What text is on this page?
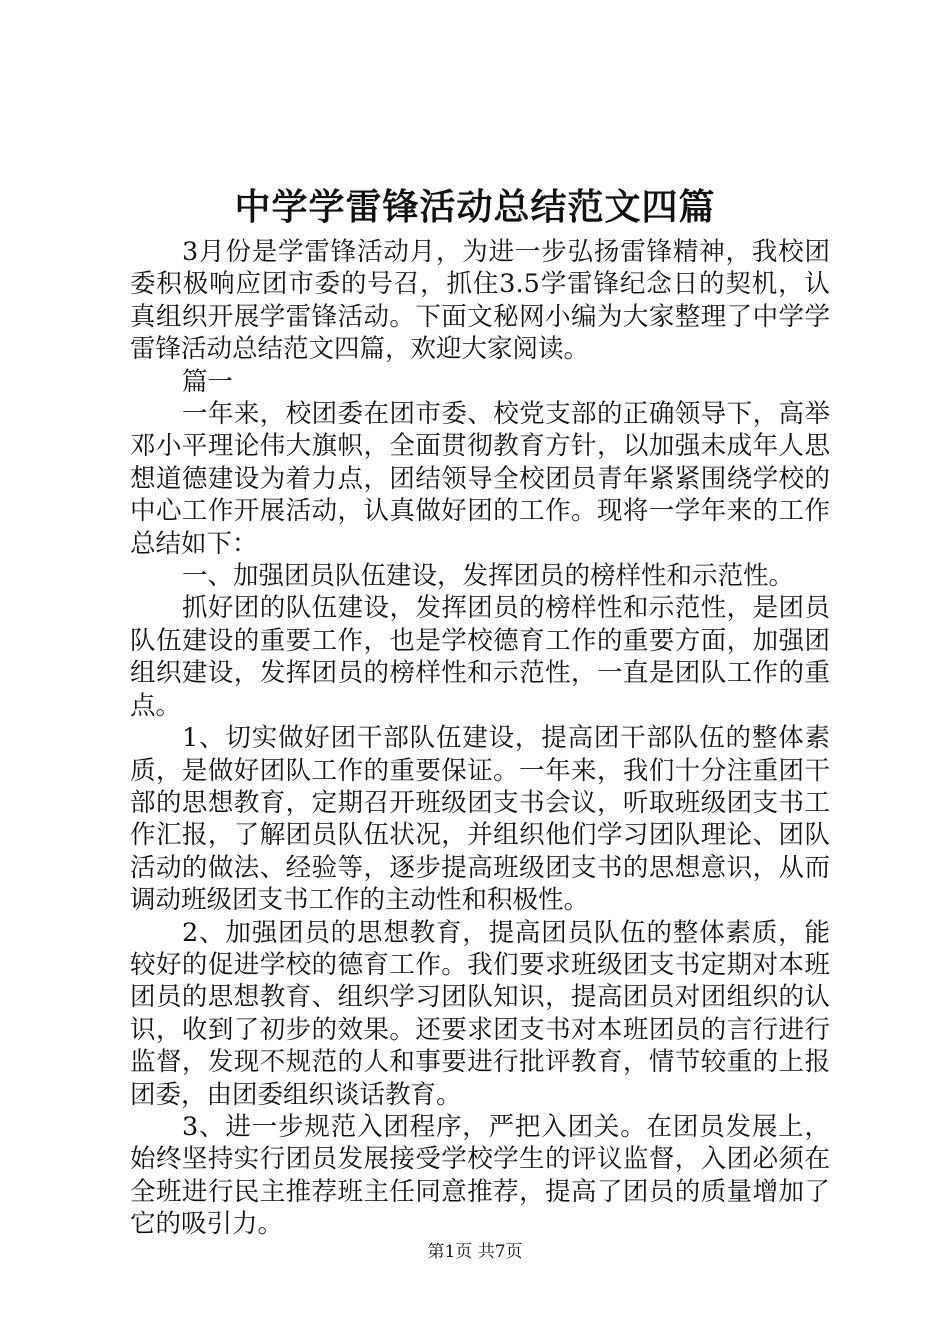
中学学雷锋活动总结范文四篇

3月份是学雷锋活动月，为进一步弘扬雷锋精神，我校团委积极响应团市委的号召，抓住3.5学雷锋纪念日的契机，认真组织开展学雷锋活动。下面文秘网小编为大家整理了中学学雷锋活动总结范文四篇，欢迎大家阅读。

篇一

一年来，校团委在团市委、校党支部的正确领导下，高举邓小平理论伟大旗帜，全面贯彻教育方针，以加强未成年人思想道德建设为着力点，团结领导全校团员青年紧紧围绕学校的中心工作开展活动，认真做好团的工作。现将一学年来的工作总结如下：

一、加强团员队伍建设，发挥团员的榜样性和示范性。

抓好团的队伍建设，发挥团员的榜样性和示范性，是团员队伍建设的重要工作，也是学校德育工作的重要方面，加强团组织建设，发挥团员的榜样性和示范性，一直是团队工作的重点。

1、切实做好团干部队伍建设，提高团干部队伍的整体素质，是做好团队工作的重要保证。一年来，我们十分注重团干部的思想教育，定期召开班级团支书会议，听取班级团支书工作汇报，了解团员队伍状况，并组织他们学习团队理论、团队活动的做法、经验等，逐步提高班级团支书的思想意识，从而调动班级团支书工作的主动性和积极性。

2、加强团员的思想教育，提高团员队伍的整体素质，能较好的促进学校的德育工作。我们要求班级团支书定期对本班团员的思想教育、组织学习团队知识，提高团员对团组织的认识，收到了初步的效果。还要求团支书对本班团员的言行进行监督，发现不规范的人和事要进行批评教育，情节较重的上报团委，由团委组织谈话教育。

3、进一步规范入团程序，严把入团关。在团员发展上，始终坚持实行团员发展接受学校学生的评议监督，入团必须在全班进行民主推荐班主任同意推荐，提高了团员的质量增加了它的吸引力。

第1页 共7页
